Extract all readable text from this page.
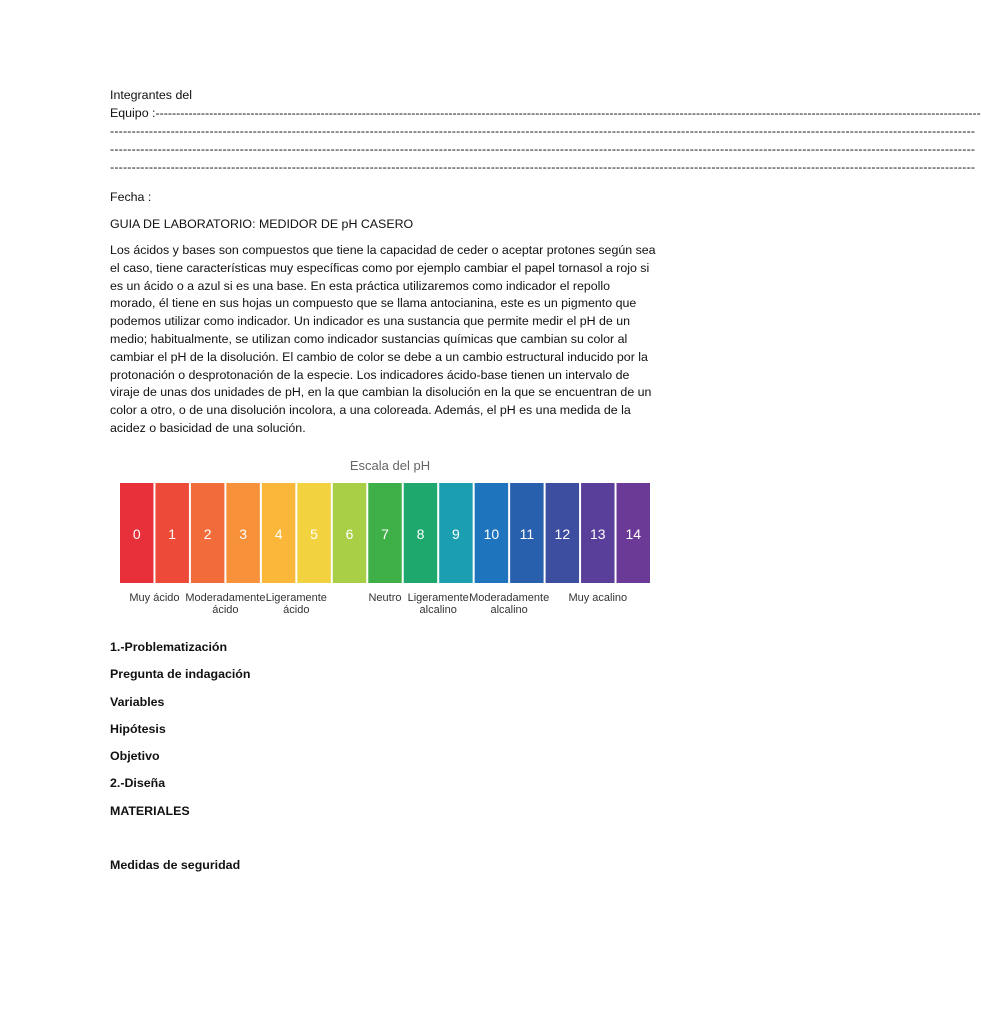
Integrantes del
Equipo :--------------------------------------------------------------------------------------------------------------------------------------------------------------------------------------------------------
--------------------------------------------------------------------------------------------------------------------------------------------------------------------------------------------------------
--------------------------------------------------------------------------------------------------------------------------------------------------------------------------------------------------------
--------------------------------------------------------------------------------------------------------------------------------------------------------------------------------------------------------
Fecha :
GUIA DE LABORATORIO: MEDIDOR DE pH CASERO
Los ácidos y bases son compuestos que tiene la capacidad de ceder o aceptar protones según sea el caso, tiene características muy específicas como por ejemplo cambiar el papel tornasol a rojo si es un ácido o a azul si es una base. En esta práctica utilizaremos como indicador el repollo morado, él tiene en sus hojas un compuesto que se llama antocianina, este es un pigmento que podemos utilizar como indicador. Un indicador es una sustancia que permite medir el pH de un medio; habitualmente, se utilizan como indicador sustancias químicas que cambian su color al cambiar el pH de la disolución. El cambio de color se debe a un cambio estructural inducido por la protonación o desprotonación de la especie. Los indicadores ácido-base tienen un intervalo de viraje de unas dos unidades de pH, en la que cambian la disolución en la que se encuentran de un color a otro, o de una disolución incolora, a una coloreada. Además, el pH es una medida de la acidez o basicidad de una solución.
Escala del pH
0 1 2 3 4 5 6 7 8 9 10 11 12 13 14
Muy ácido Moderadamente
ácido
Ligeramente
ácido
Neutro Ligeramente
alcalino
Moderadamente
alcalino
Muy acalino
1.-Problematización
Pregunta de indagación
Variables
Hipótesis
Objetivo
2.-Diseña
MATERIALES
Medidas de seguridad
